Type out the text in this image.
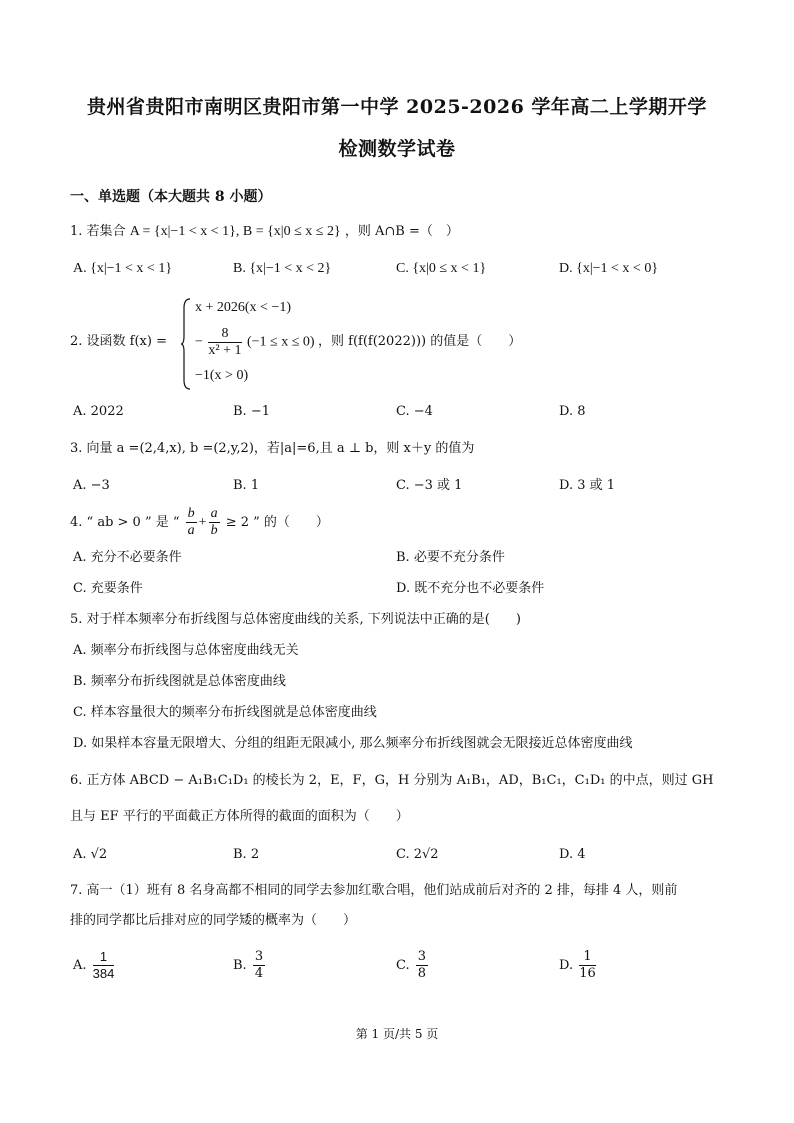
贵州省贵阳市南明区贵阳市第一中学 2025-2026 学年高二上学期开学
检测数学试卷
一、单选题（本大题共 8 小题）
1. 若集合 A = {x|−1 < x < 1}, B = {x|0 ≤ x ≤ 2} ，则 A∩B =（　）
A. {x|−1 < x < 1}	B. {x|−1 < x < 2}	C. {x|0 ≤ x < 1}	D. {x|−1 < x < 0}
2. 设函数 f(x) =
x + 2026(x < −1)
− $\frac{8}{\text{x² + 1}} (-1 \le x \le 0)$
−1(x > 0)
，则 f(f(f(2022))) 的值是（　　）
A. 2022	B. −1	C. −4	D. 8
3. 向量 a =(2,4,x), b =(2,y,2)，若|a|=6,且 a ⊥ b，则 x＋y 的值为
A. −3	B. 1	C. −3 或 1	D. 3 或 1
4. “ ab > 0 ” 是 “ $\frac{b}{a} + \frac{a}{b} \ge 2$ ” 的（　　）
A. 充分不必要条件	B. 必要不充分条件
C. 充要条件	D. 既不充分也不必要条件
5. 对于样本频率分布折线图与总体密度曲线的关系, 下列说法中正确的是(　　)
A. 频率分布折线图与总体密度曲线无关
B. 频率分布折线图就是总体密度曲线
C. 样本容量很大的频率分布折线图就是总体密度曲线
D. 如果样本容量无限增大、分组的组距无限减小, 那么频率分布折线图就会无限接近总体密度曲线
6. 正方体 ABCD − A₁B₁C₁D₁ 的棱长为 2，E，F，G，H 分别为 A₁B₁，AD，B₁C₁，C₁D₁ 的中点，则过 GH
且与 EF 平行的平面截正方体所得的截面的面积为（　　）
A. √2	B. 2	C. 2√2	D. 4
7. 高一（1）班有 8 名身高都不相同的同学去参加红歌合唱，他们站成前后对齐的 2 排，每排 4 人，则前
排的同学都比后排对应的同学矮的概率为（　　）
A. $\frac{1}{384}$	B. $\frac{3}{4}$	C. $\frac{3}{8}$	D. $\frac{1}{16}$
第 1 页/共 5 页
